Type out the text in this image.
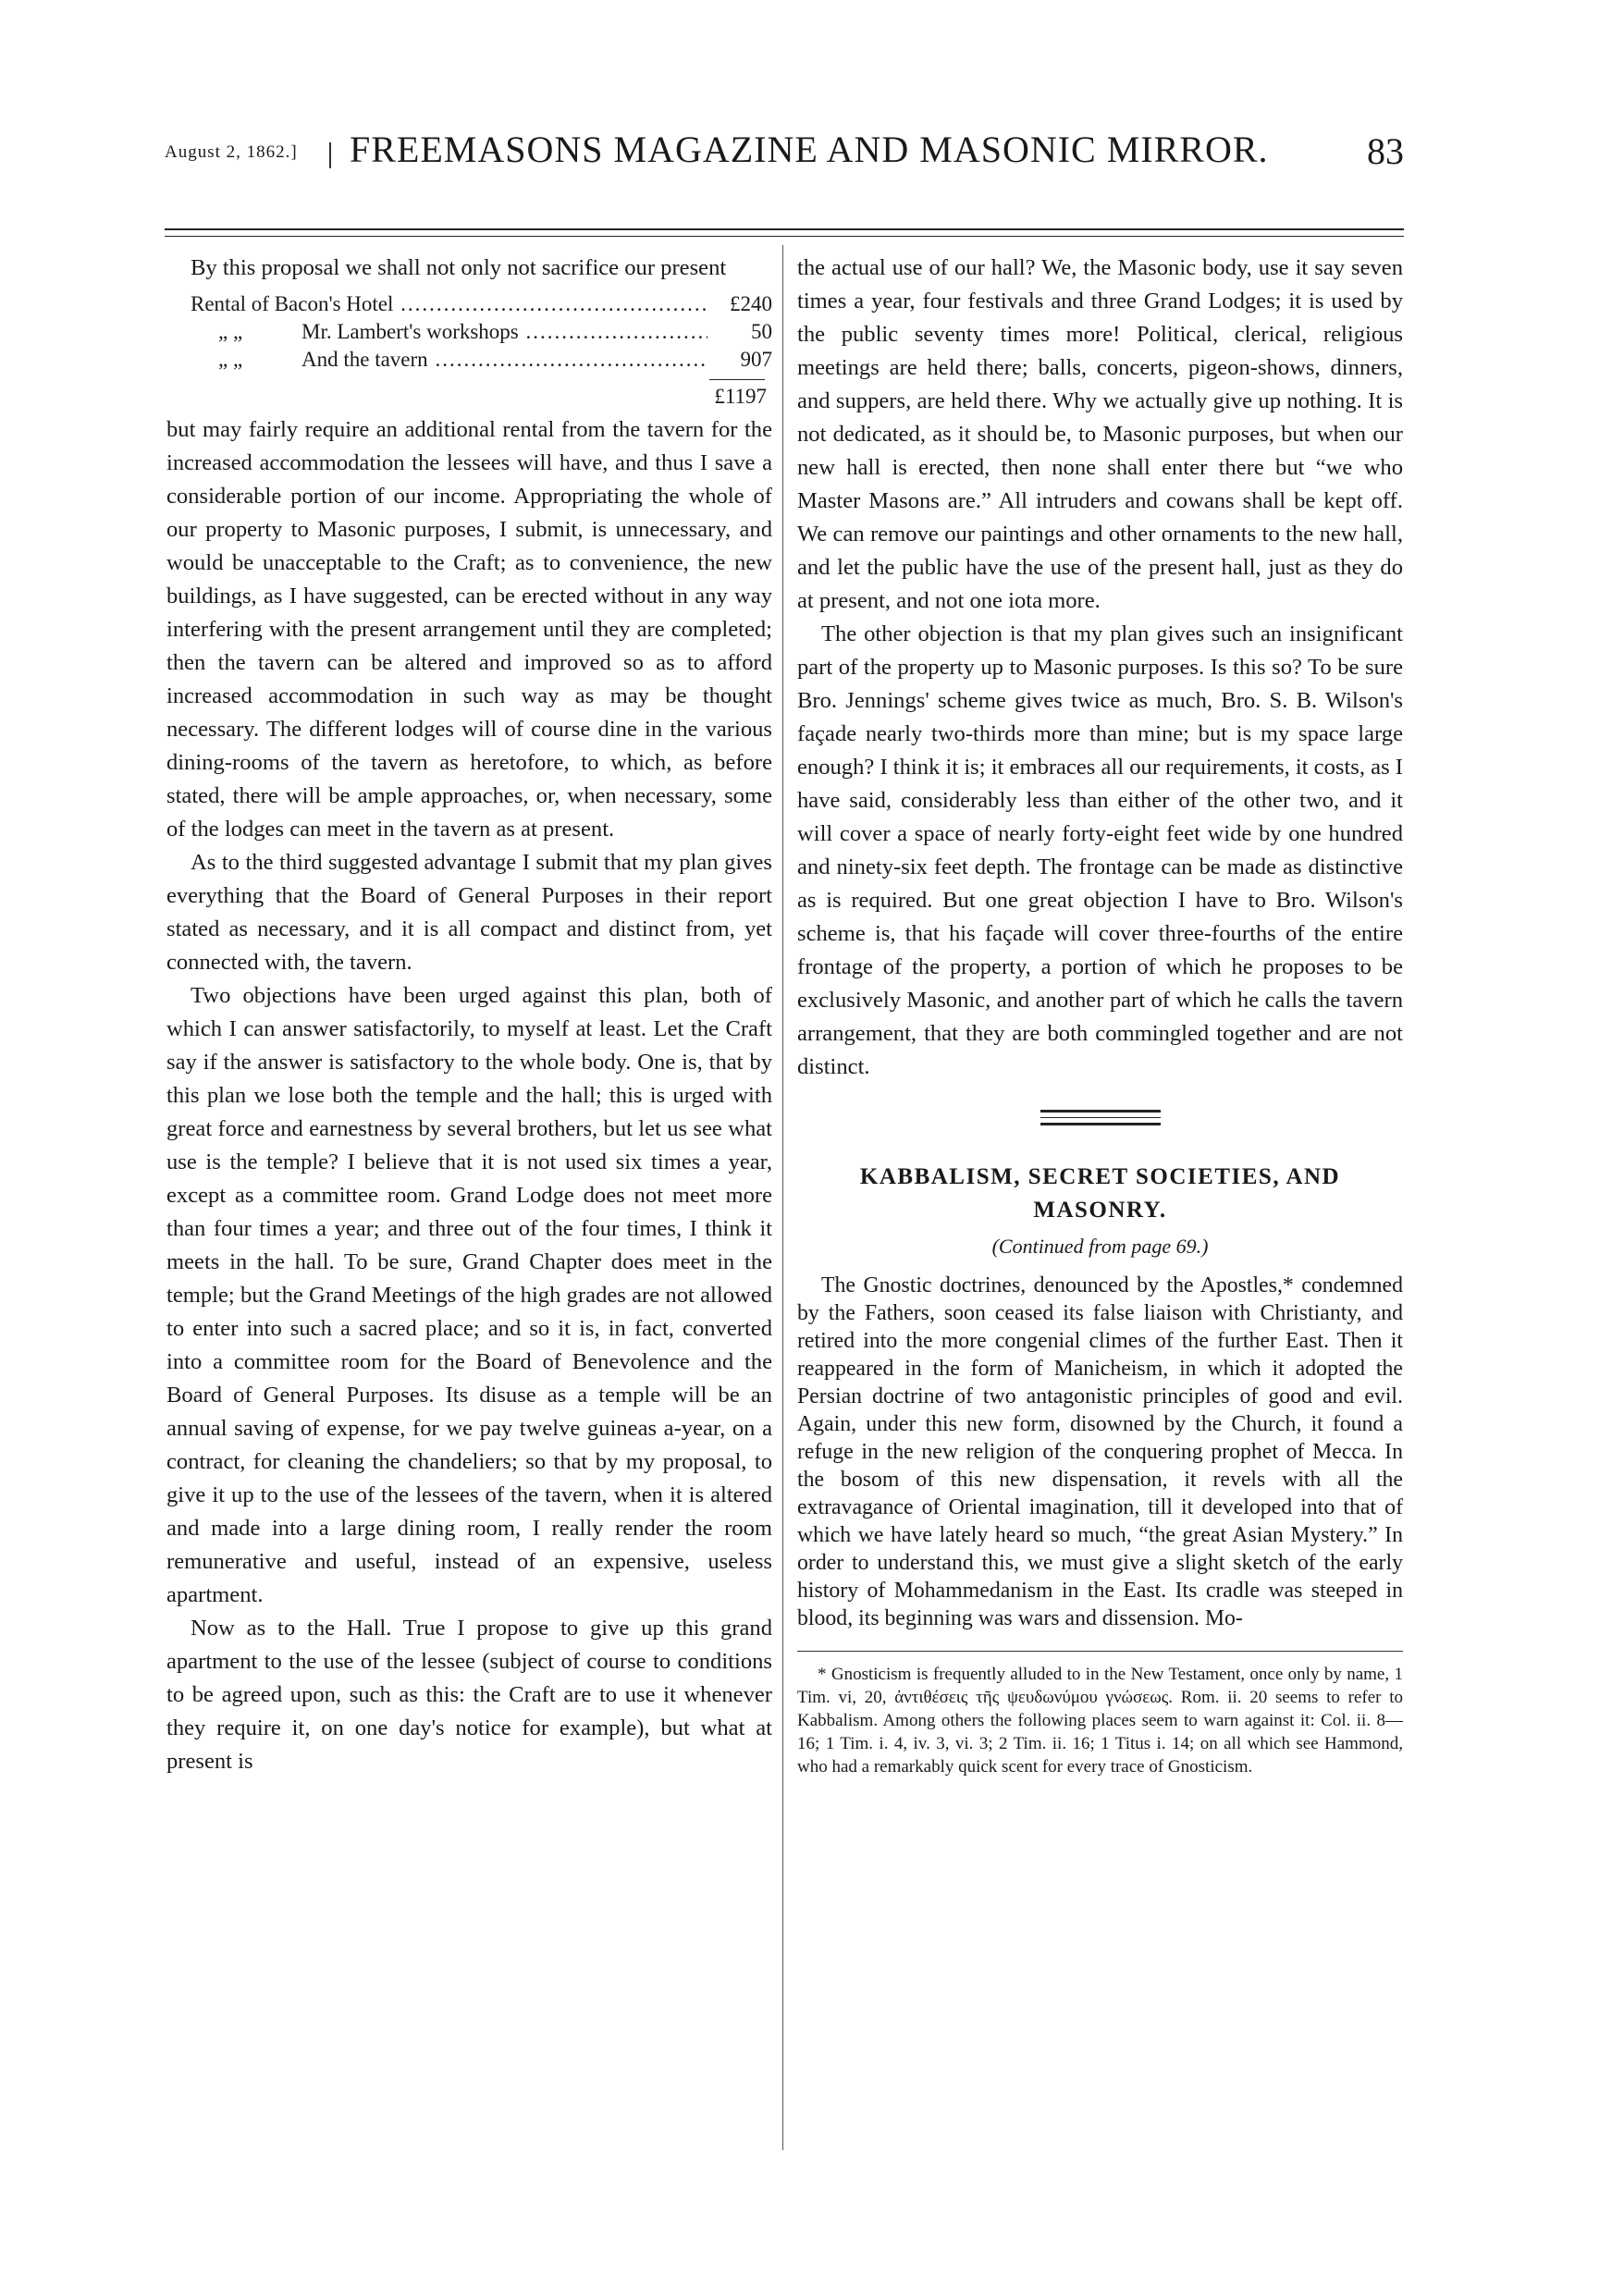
August 2, 1862.] FREEMASONS MAGAZINE AND MASONIC MIRROR.	83

By this proposal we shall not only not sacrifice our present

Rental of Bacon's Hotel .....	£240
„ „	Mr. Lambert's workshops .....	50
„ „	And the tavern .....	907
£1197

but may fairly require an additional rental from the tavern for the increased accommodation the lessees will have, and thus I save a considerable portion of our income. Appropriating the whole of our property to Masonic purposes, I submit, is unnecessary, and would be unacceptable to the Craft; as to convenience, the new buildings, as I have suggested, can be erected without in any way interfering with the present arrangement until they are completed; then the tavern can be altered and improved so as to afford increased accommodation in such way as may be thought necessary. The different lodges will of course dine in the various dining-rooms of the tavern as heretofore, to which, as before stated, there will be ample approaches, or, when necessary, some of the lodges can meet in the tavern as at present.

As to the third suggested advantage I submit that my plan gives everything that the Board of General Purposes in their report stated as necessary, and it is all compact and distinct from, yet connected with, the tavern.

Two objections have been urged against this plan, both of which I can answer satisfactorily, to myself at least. Let the Craft say if the answer is satisfactory to the whole body. One is, that by this plan we lose both the temple and the hall; this is urged with great force and earnestness by several brothers, but let us see what use is the temple? I believe that it is not used six times a year, except as a committee room. Grand Lodge does not meet more than four times a year; and three out of the four times, I think it meets in the hall. To be sure, Grand Chapter does meet in the temple; but the Grand Meetings of the high grades are not allowed to enter into such a sacred place; and so it is, in fact, converted into a committee room for the Board of Benevolence and the Board of General Purposes. Its disuse as a temple will be an annual saving of expense, for we pay twelve guineas a-year, on a contract, for cleaning the chandeliers; so that by my proposal, to give it up to the use of the lessees of the tavern, when it is altered and made into a large dining room, I really render the room remunerative and useful, instead of an expensive, useless apartment.

Now as to the Hall. True I propose to give up this grand apartment to the use of the lessee (subject of course to conditions to be agreed upon, such as this: the Craft are to use it whenever they require it, on one day's notice for example), but what at present is

the actual use of our hall? We, the Masonic body, use it say seven times a year, four festivals and three Grand Lodges; it is used by the public seventy times more! Political, clerical, religious meetings are held there; balls, concerts, pigeon-shows, dinners, and suppers, are held there. Why we actually give up nothing. It is not dedicated, as it should be, to Masonic purposes, but when our new hall is erected, then none shall enter there but “we who Master Masons are.” All intruders and cowans shall be kept off. We can remove our paintings and other ornaments to the new hall, and let the public have the use of the present hall, just as they do at present, and not one iota more.

The other objection is that my plan gives such an insignificant part of the property up to Masonic purposes. Is this so? To be sure Bro. Jennings' scheme gives twice as much, Bro. S. B. Wilson's façade nearly two-thirds more than mine; but is my space large enough? I think it is; it embraces all our requirements, it costs, as I have said, considerably less than either of the other two, and it will cover a space of nearly forty-eight feet wide by one hundred and ninety-six feet depth. The frontage can be made as distinctive as is required. But one great objection I have to Bro. Wilson's scheme is, that his façade will cover three-fourths of the entire frontage of the property, a portion of which he proposes to be exclusively Masonic, and another part of which he calls the tavern arrangement, that they are both commingled together and are not distinct.

KABBALISM, SECRET SOCIETIES, AND MASONRY.
(Continued from page 69.)

The Gnostic doctrines, denounced by the Apostles,* condemned by the Fathers, soon ceased its false liaison with Christianty, and retired into the more congenial climes of the further East. Then it reappeared in the form of Manicheism, in which it adopted the Persian doctrine of two antagonistic principles of good and evil. Again, under this new form, disowned by the Church, it found a refuge in the new religion of the conquering prophet of Mecca. In the bosom of this new dispensation, it revels with all the extravagance of Oriental imagination, till it developed into that of which we have lately heard so much, “the great Asian Mystery.” In order to understand this, we must give a slight sketch of the early history of Mohammedanism in the East. Its cradle was steeped in blood, its beginning was wars and dissension. Mo-

* Gnosticism is frequently alluded to in the New Testament, once only by name, 1 Tim. vi, 20, ἀντιθέσεις τῆς ψευδωνύμου γνώσεως. Rom. ii. 20 seems to refer to Kabbalism. Among others the following places seem to warn against it: Col. ii. 8—16; 1 Tim. i. 4, iv. 3, vi. 3; 2 Tim. ii. 16; 1 Titus i. 14; on all which see Hammond, who had a remarkably quick scent for every trace of Gnosticism.
